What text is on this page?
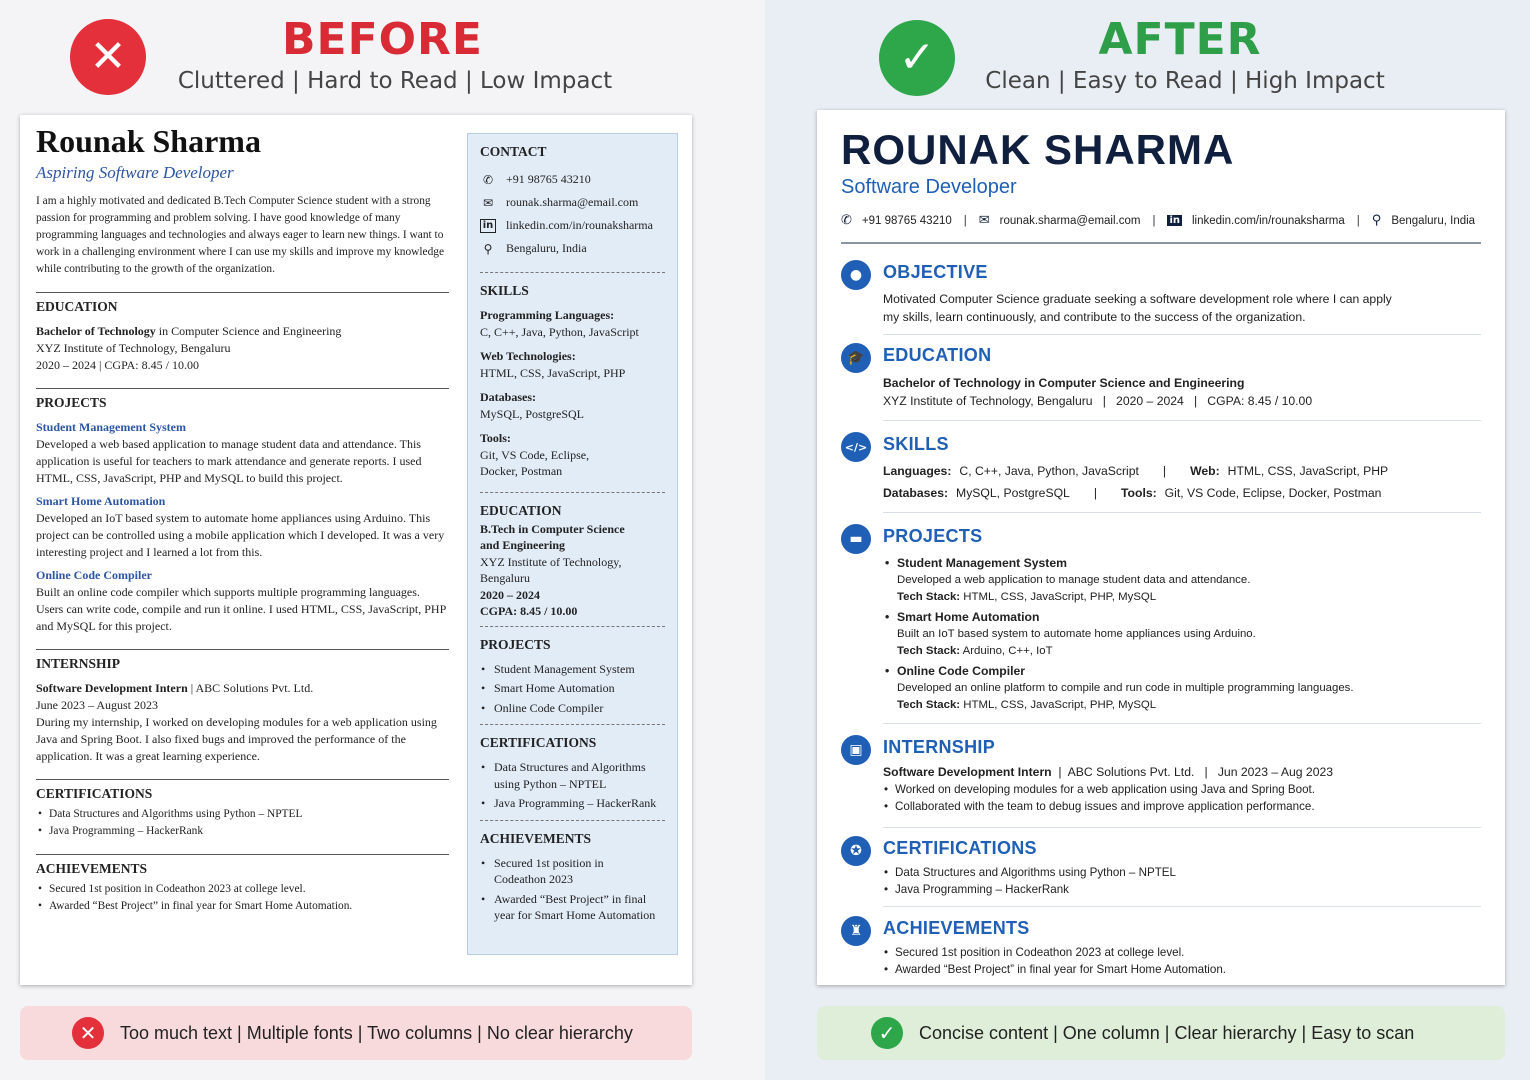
✕	BEFORE
Cluttered | Hard to Read | Low Impact
Rounak Sharma
Aspiring Software Developer
I am a highly motivated and dedicated B.Tech Computer Science student with a strong passion for programming and problem solving. I have good knowledge of many programming languages and technologies and always eager to learn new things. I want to work in a challenging environment where I can use my skills and improve my knowledge while contributing to the growth of the organization.
EDUCATION
Bachelor of Technology in Computer Science and Engineering
XYZ Institute of Technology, Bengaluru
2020 – 2024 | CGPA: 8.45 / 10.00
PROJECTS
Student Management System
Developed a web based application to manage student data and attendance. This application is useful for teachers to mark attendance and generate reports. I used HTML, CSS, JavaScript, PHP and MySQL to build this project.
Smart Home Automation
Developed an IoT based system to automate home appliances using Arduino. This project can be controlled using a mobile application which I developed. It was a very interesting project and I learned a lot from this.
Online Code Compiler
Built an online code compiler which supports multiple programming languages. Users can write code, compile and run it online. I used HTML, CSS, JavaScript, PHP and MySQL for this project.
INTERNSHIP
Software Development Intern | ABC Solutions Pvt. Ltd.
June 2023 – August 2023
During my internship, I worked on developing modules for a web application using Java and Spring Boot. I also fixed bugs and improved the performance of the application. It was a great learning experience.
CERTIFICATIONS
• Data Structures and Algorithms using Python – NPTEL
• Java Programming – HackerRank
ACHIEVEMENTS
• Secured 1st position in Codeathon 2023 at college level.
• Awarded “Best Project” in final year for Smart Home Automation.
CONTACT
✆ +91 98765 43210
✉ rounak.sharma@email.com
in linkedin.com/in/rounaksharma
⚲	Bengaluru, India
SKILLS
Programming Languages:
C, C++, Java, Python, JavaScript
Web Technologies:
HTML, CSS, JavaScript, PHP
Databases:
MySQL, PostgreSQL
Tools:
Git, VS Code, Eclipse, Docker, Postman
EDUCATION
B.Tech in Computer Science and Engineering
XYZ Institute of Technology, Bengaluru
2020 – 2024
CGPA: 8.45 / 10.00
PROJECTS
• Student Management System
• Smart Home Automation
• Online Code Compiler
CERTIFICATIONS
• Data Structures and Algorithms using Python – NPTEL
• Java Programming – HackerRank
ACHIEVEMENTS
• Secured 1st position in Codeathon 2023
• Awarded “Best Project” in final year for Smart Home Automation
✕	Too much text | Multiple fonts | Two columns | No clear hierarchy
✓	AFTER
Clean | Easy to Read | High Impact
✓	Concise content | One column | Clear hierarchy | Easy to scan
ROUNAK SHARMA
Software Developer
✆ +91 98765 43210 | ✉ rounak.sharma@email.com | in linkedin.com/in/rounaksharma | ⚲ Bengaluru, India
●	OBJECTIVE
Motivated Computer Science graduate seeking a software development role where I can apply my skills, learn continuously, and contribute to the success of the organization.
🎓	EDUCATION
Bachelor of Technology in Computer Science and Engineering
XYZ Institute of Technology, Bengaluru   |   2020 – 2024   |   CGPA: 8.45 / 10.00
</> SKILLS
Languages: C, C++, Java, Python, JavaScript | Web: HTML, CSS, JavaScript, PHP
Databases: MySQL, PostgreSQL | Tools: Git, VS Code, Eclipse, Docker, Postman
▬	PROJECTS
• Student Management System
Developed a web application to manage student data and attendance.
Tech Stack: HTML, CSS, JavaScript, PHP, MySQL
• Smart Home Automation
Built an IoT based system to automate home appliances using Arduino.
Tech Stack: Arduino, C++, IoT
• Online Code Compiler
Developed an online platform to compile and run code in multiple programming languages.
Tech Stack: HTML, CSS, JavaScript, PHP, MySQL
▣	INTERNSHIP
Software Development Intern  |  ABC Solutions Pvt. Ltd.   |   Jun 2023 – Aug 2023
• Worked on developing modules for a web application using Java and Spring Boot.
• Collaborated with the team to debug issues and improve application performance.
✪	CERTIFICATIONS
• Data Structures and Algorithms using Python – NPTEL
• Java Programming – HackerRank
♜	ACHIEVEMENTS
• Secured 1st position in Codeathon 2023 at college level.
• Awarded “Best Project” in final year for Smart Home Automation.
